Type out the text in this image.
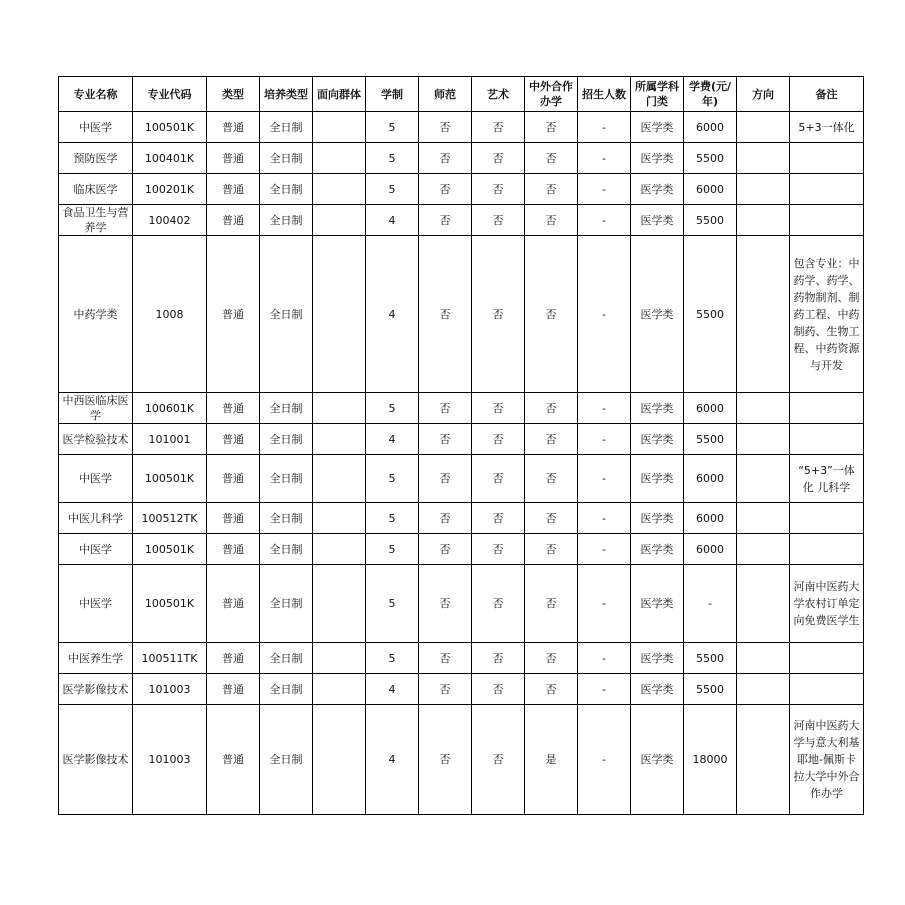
专业名称	专业代码	类型	培养类型	面向群体	学制	师范	艺术	中外合作办学	招生人数	所属学科门类	学费(元/年)	方向	备注
中医学	100501K	普通	全日制		5	否	否	否	-	医学类	6000		5+3一体化
预防医学	100401K	普通	全日制		5	否	否	否	-	医学类	5500		
临床医学	100201K	普通	全日制		5	否	否	否	-	医学类	6000		
食品卫生与营养学	100402	普通	全日制		4	否	否	否	-	医学类	5500		
中药学类	1008	普通	全日制		4	否	否	否	-	医学类	5500		包含专业：中药学、药学、药物制剂、制药工程、中药制药、生物工程、中药资源与开发
中西医临床医学	100601K	普通	全日制		5	否	否	否	-	医学类	6000		
医学检验技术	101001	普通	全日制		4	否	否	否	-	医学类	5500		
中医学	100501K	普通	全日制		5	否	否	否	-	医学类	6000		“5+3”一体化 儿科学
中医儿科学	100512TK	普通	全日制		5	否	否	否	-	医学类	6000		
中医学	100501K	普通	全日制		5	否	否	否	-	医学类	6000		
中医学	100501K	普通	全日制		5	否	否	否	-	医学类	-		河南中医药大学农村订单定向免费医学生
中医养生学	100511TK	普通	全日制		5	否	否	否	-	医学类	5500		
医学影像技术	101003	普通	全日制		4	否	否	否	-	医学类	5500		
医学影像技术	101003	普通	全日制		4	否	否	是	-	医学类	18000		河南中医药大学与意大利基耶地-佩斯卡拉大学中外合作办学
